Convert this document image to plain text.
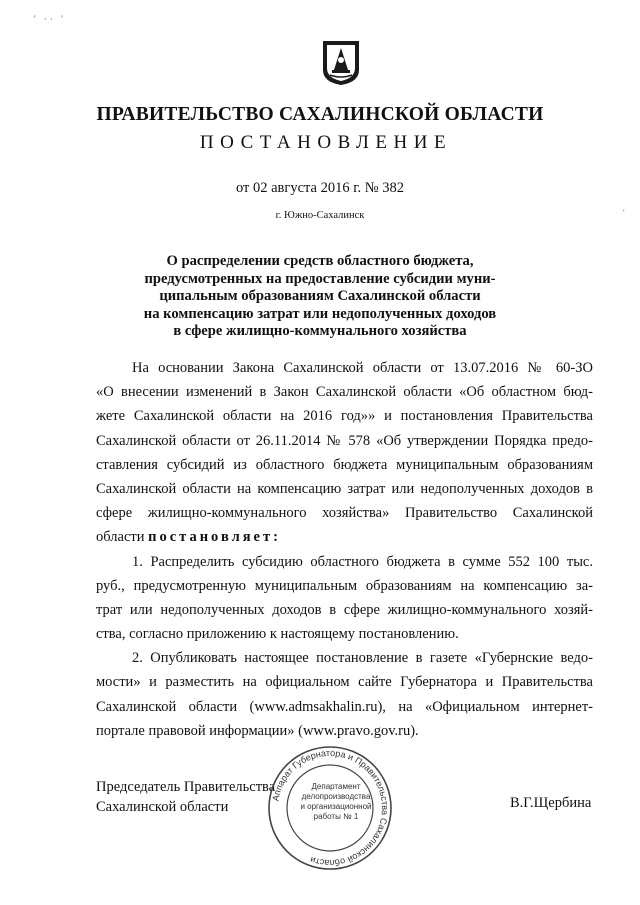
' ·· '
'
ПРАВИТЕЛЬСТВО САХАЛИНСКОЙ ОБЛАСТИ
ПОСТАНОВЛЕНИЕ
от 02 августа 2016 г. № 382
г. Южно-Сахалинск
О распределении средств областного бюджета,
предусмотренных на предоставление субсидии муни-
ципальным образованиям Сахалинской области
на компенсацию затрат или недополученных доходов
в сфере жилищно-коммунального хозяйства
На основании Закона Сахалинской области от 13.07.2016 № 60-ЗО
«О внесении изменений в Закон Сахалинской области «Об областном бюд-
жете Сахалинской области на 2016 год»» и постановления Правительства
Сахалинской области от 26.11.2014 № 578 «Об утверждении Порядка предо-
ставления субсидий из областного бюджета муниципальным образованиям
Сахалинской области на компенсацию затрат или недополученных доходов в
сфере жилищно-коммунального хозяйства» Правительство Сахалинской
области постановляет:
1. Распределить субсидию областного бюджета в сумме 552 100 тыс.
руб., предусмотренную муниципальным образованиям на компенсацию за-
трат или недополученных доходов в сфере жилищно-коммунального хозяй-
ства, согласно приложению к настоящему постановлению.
2. Опубликовать настоящее постановление в газете «Губернские ведо-
мости» и разместить на официальном сайте Губернатора и Правительства
Сахалинской области (www.admsakhalin.ru), на «Официальном интернет-
портале правовой информации» (www.pravo.gov.ru).
Председатель Правительства
Сахалинской области	В.Г.Щербина
Аппарат Губернатора и Правительства Сахалинской области
Департамент
делопроизводства
и организационной
работы № 1
